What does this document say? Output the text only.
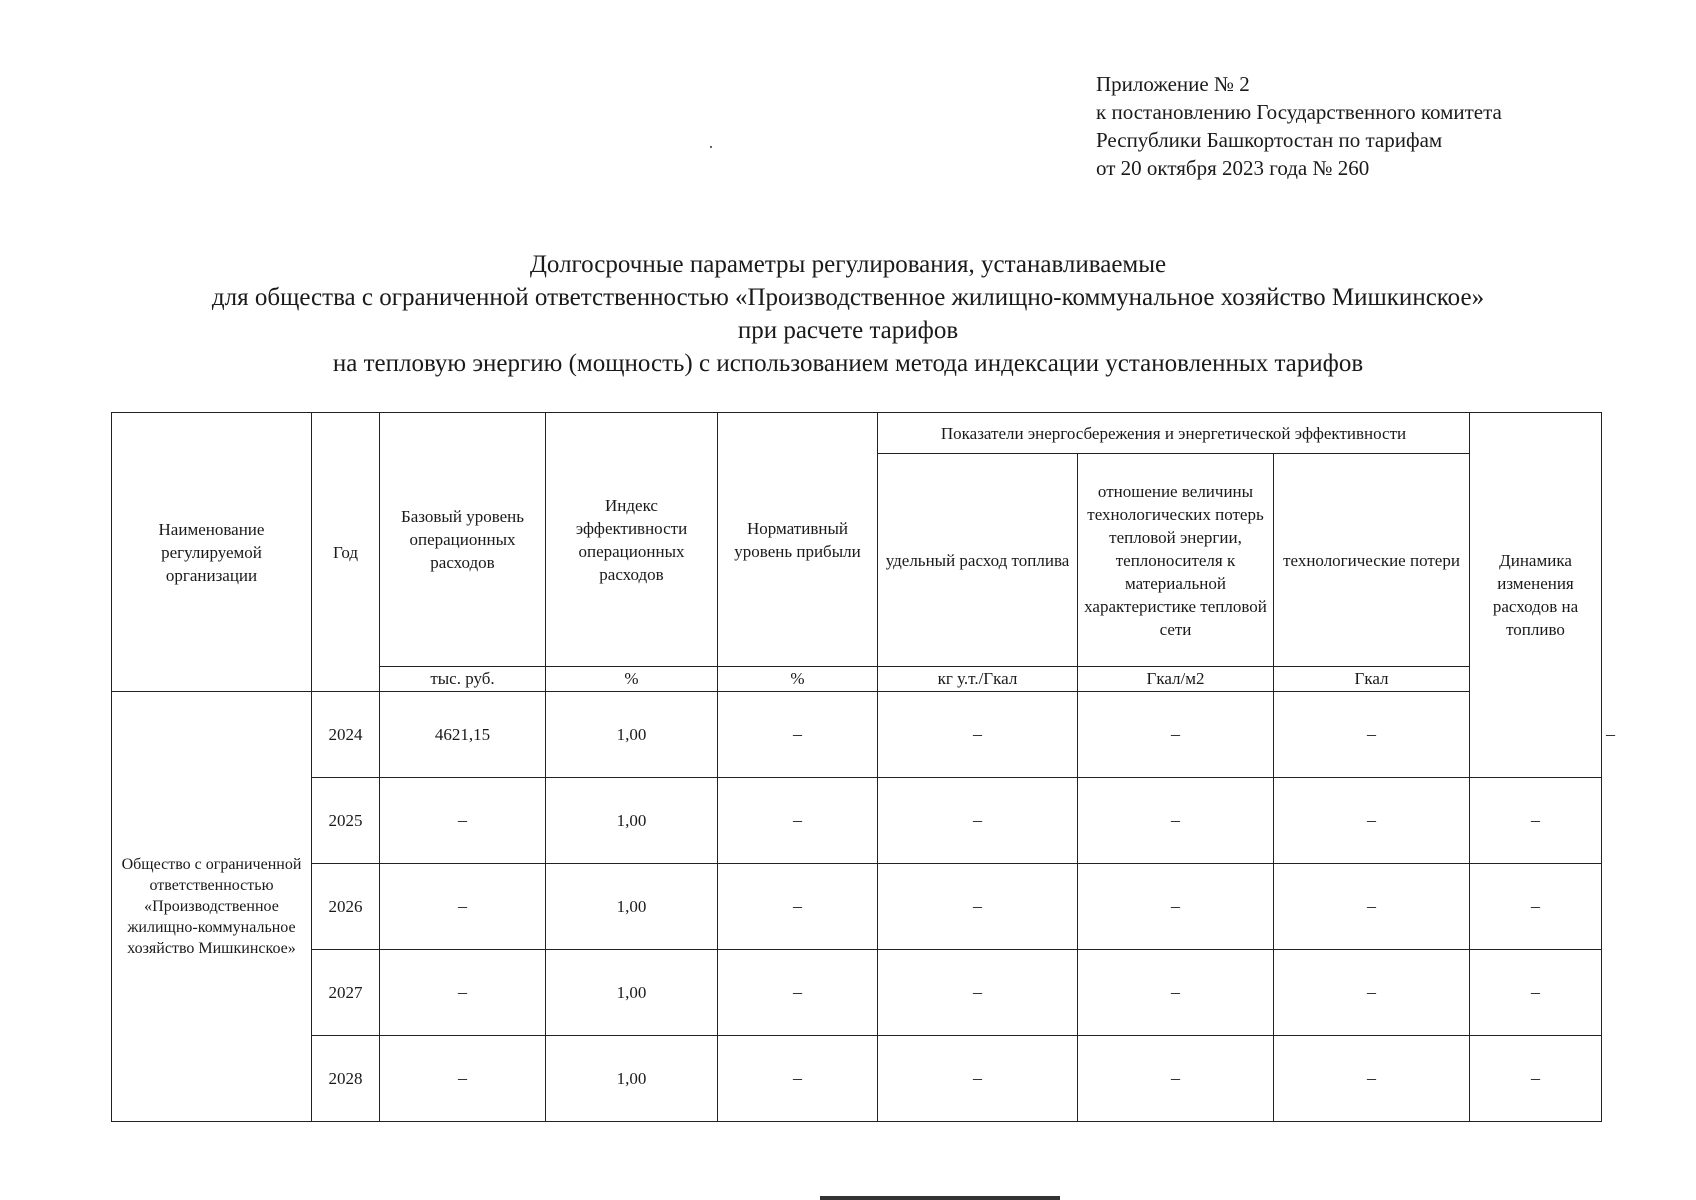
Приложение № 2
к постановлению Государственного комитета
Республики Башкортостан по тарифам
от 20 октября 2023 года № 260
Долгосрочные параметры регулирования, устанавливаемые
для общества с ограниченной ответственностью «Производственное жилищно-коммунальное хозяйство Мишкинское»
при расчете тарифов
на тепловую энергию (мощность) с использованием метода индексации установленных тарифов
Наименование регулируемой организации	Год	Базовый уровень операционных расходов	Индекс эффективности операционных расходов	Нормативный уровень прибыли	Показатели энергосбережения и энергетической эффективности			Динамика изменения расходов на топливо	
					удельный расход топлива	отношение величины технологических потерь тепловой энергии, теплоносителя к материальной характеристике тепловой сети	технологические потери		
		тыс. руб.	%	%	кг у.т./Гкал	Гкал/м2	Гкал		
Общество с ограниченной ответственностью «Производственное жилищно-коммунальное хозяйство Мишкинское»	2024	4621,15	1,00	–	–	–	–		–
	2025	–	1,00	–	–	–	–	–	
	2026	–	1,00	–	–	–	–	–	
	2027	–	1,00	–	–	–	–	–	
	2028	–	1,00	–	–	–	–	–	
